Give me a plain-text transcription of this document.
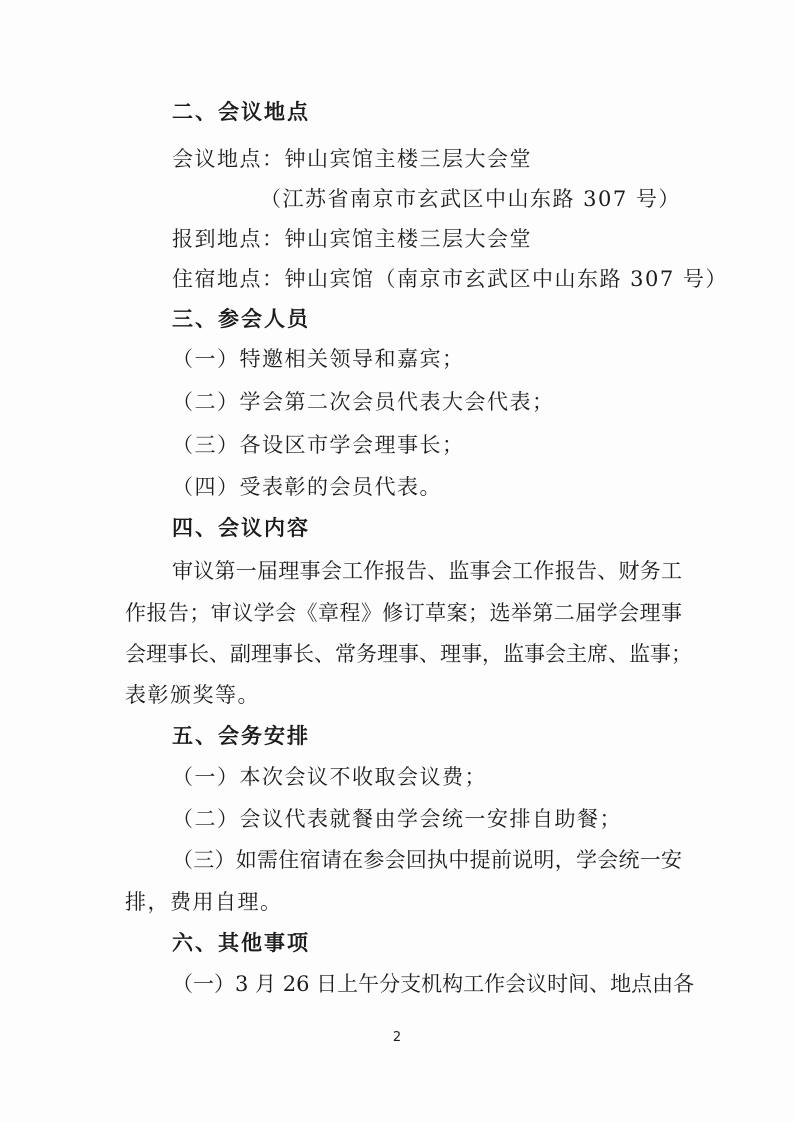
二、会议地点
会议地点：钟山宾馆主楼三层大会堂
（江苏省南京市玄武区中山东路 307 号）
报到地点：钟山宾馆主楼三层大会堂
住宿地点：钟山宾馆（南京市玄武区中山东路 307 号）
三、参会人员
（一）特邀相关领导和嘉宾；
（二）学会第二次会员代表大会代表；
（三）各设区市学会理事长；
（四）受表彰的会员代表。
四、会议内容
审议第一届理事会工作报告、监事会工作报告、财务工
作报告；审议学会《章程》修订草案；选举第二届学会理事
会理事长、副理事长、常务理事、理事，监事会主席、监事；
表彰颁奖等。
五、会务安排
（一）本次会议不收取会议费；
（二）会议代表就餐由学会统一安排自助餐；
（三）如需住宿请在参会回执中提前说明，学会统一安
排，费用自理。
六、其他事项
（一）3 月 26 日上午分支机构工作会议时间、地点由各
2
